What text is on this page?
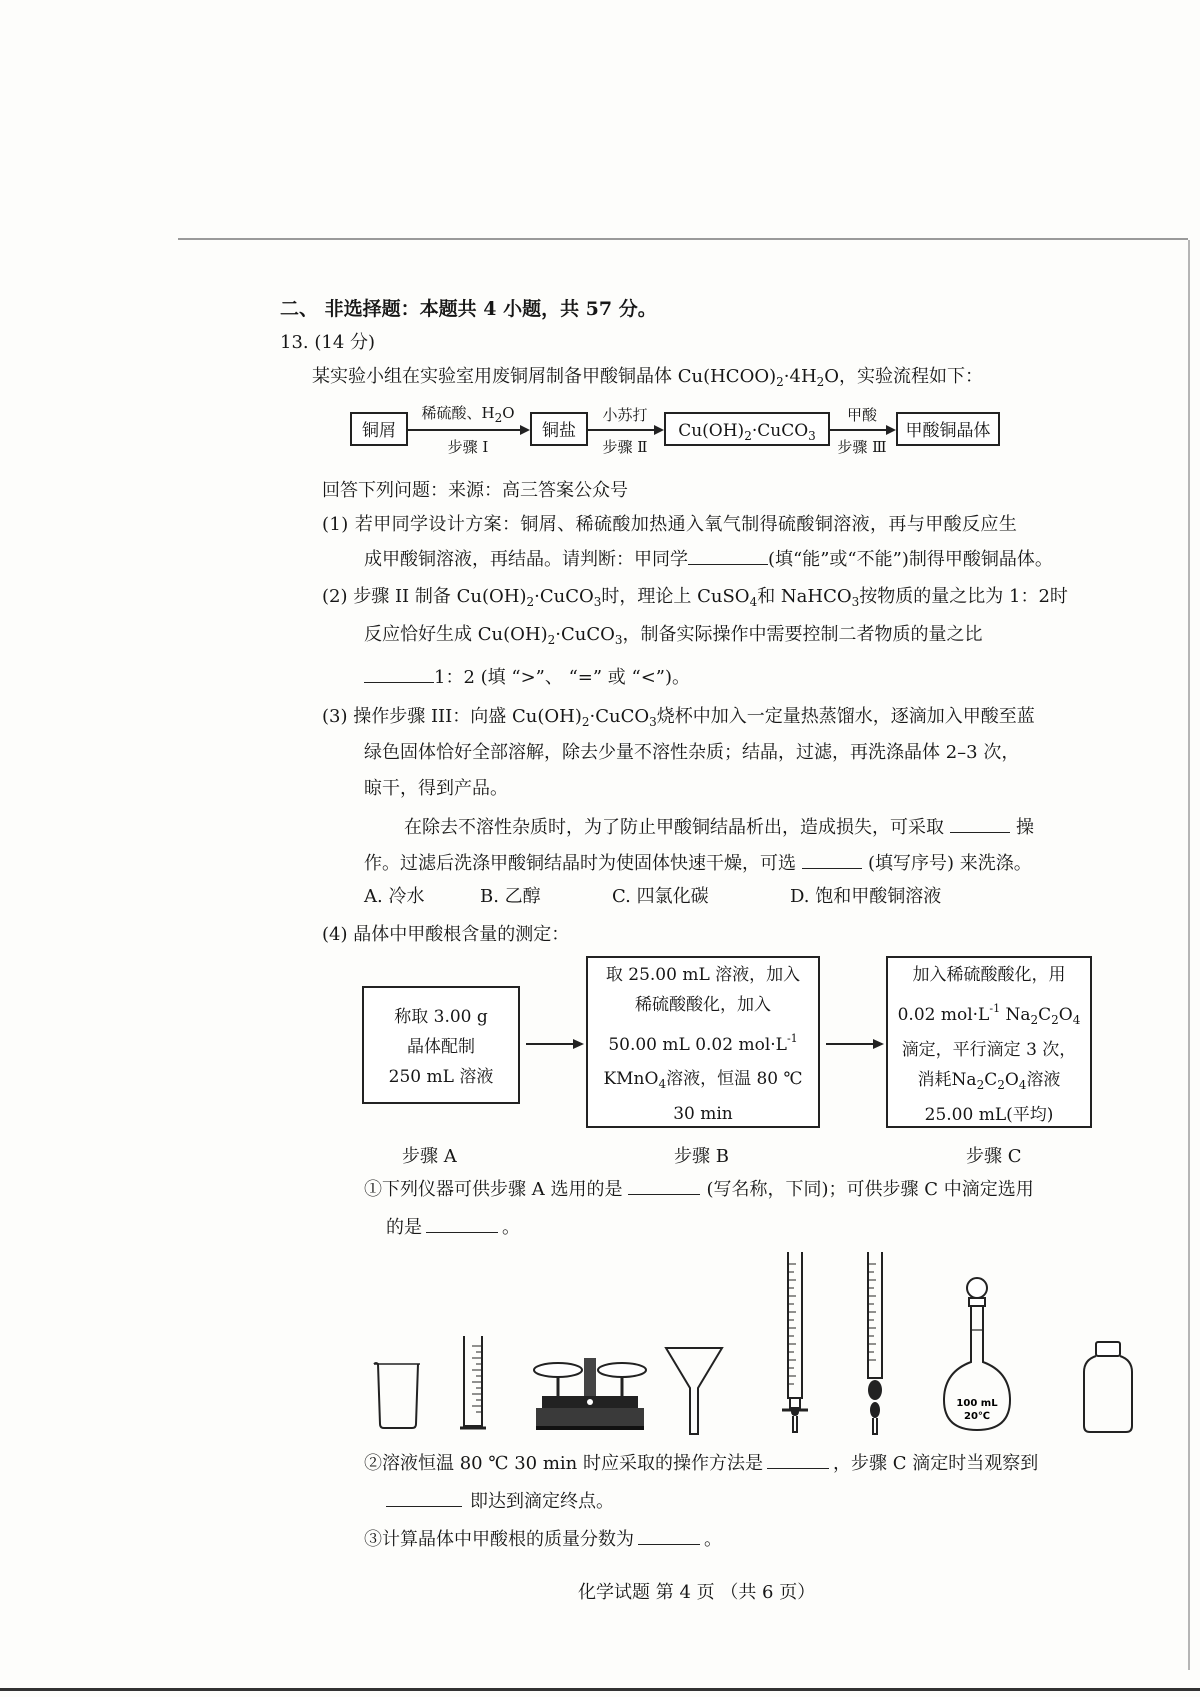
二、 非选择题：本题共 4 小题，共 57 分。
13. (14 分)
某实验小组在实验室用废铜屑制备甲酸铜晶体 $Cu(HCOO)_2\cdot 4H_2O$，实验流程如下：
铜屑
稀硫酸、$H_2O$
步骤 I
铜盐
小苏打
步骤 Ⅱ
$Cu(OH)_2\cdot CuCO_3$
甲酸
步骤 Ⅲ
甲酸铜晶体
回答下列问题：来源：高三答案公众号
(1) 若甲同学设计方案：铜屑、稀硫酸加热通入氧气制得硫酸铜溶液，再与甲酸反应生
成甲酸铜溶液，再结晶。请判断：甲同学	(填“能”或“不能”)制得甲酸铜晶体。
(2) 步骤 II 制备 $Cu(OH)_2\cdot CuCO_3$时，理论上 CuSO$_4$和 NaHCO$_3$按物质的量之比为 1：2时
反应恰好生成 $Cu(OH)_2\cdot CuCO_3$，制备实际操作中需要控制二者物质的量之比
1：2 (填 “>”、 “=” 或 “<”)。
(3) 操作步骤 III：向盛 $Cu(OH)_2\cdot CuCO_3$烧杯中加入一定量热蒸馏水，逐滴加入甲酸至蓝
绿色固体恰好全部溶解，除去少量不溶性杂质；结晶，过滤，再洗涤晶体 2–3 次，
晾干，得到产品。
在除去不溶性杂质时，为了防止甲酸铜结晶析出，造成损失，可采取	操
作。过滤后洗涤甲酸铜结晶时为使固体快速干燥，可选	(填写序号) 来洗涤。
A. 冷水	B. 乙醇	C. 四氯化碳	D. 饱和甲酸铜溶液
(4) 晶体中甲酸根含量的测定：
称取 3.00 g
晶体配制
250 mL 溶液
取 25.00 mL 溶液，加入
稀硫酸酸化，加入
50.00 mL 0.02 $mol\cdot L^{-1}$
KMnO$_4$溶液，恒温 80 ℃
30 min
加入稀硫酸酸化，用
0.02 $mol\cdot L^{-1}$ $Na_2C_2O_4$
滴定，平行滴定 3 次，
消耗$Na_2C_2O_4$溶液
25.00 mL(平均)
步骤 A	步骤 B	步骤 C
①下列仪器可供步骤 A 选用的是	(写名称，下同)；可供步骤 C 中滴定选用
的是	。
100 mL
20℃
②溶液恒温 80 ℃ 30 min 时应采取的操作方法是	，步骤 C 滴定时当观察到
即达到滴定终点。
③计算晶体中甲酸根的质量分数为	。
化学试题 第 4 页 （共 6 页）
